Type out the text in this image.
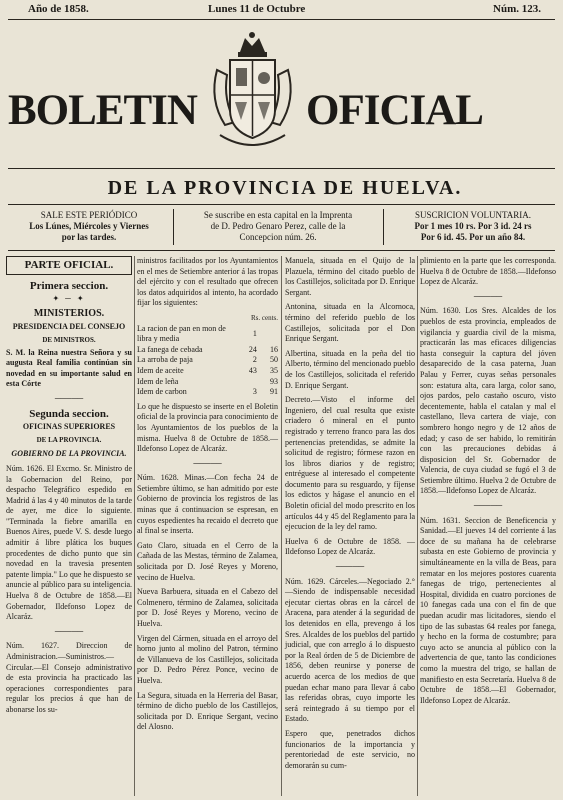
Año de 1858.	Lunes 11 de Octubre	Núm. 123.
BOLETIN	OFICIAL
DE LA PROVINCIA DE HUELVA.
SALE ESTE PERIÓDICO
Los Lúnes, Miércoles y Viernes
por las tardes.
Se suscribe en esta capital en la Imprenta
de D. Pedro Genaro Perez, calle de la
Concepcion núm. 26.
SUSCRICION VOLUNTARIA.
Por 1 mes 10 rs. Por 3 id. 24 rs
Por 6 id. 45. Por un año 84.
PARTE OFICIAL.
Primera seccion.
✦ ─ ✦
MINISTERIOS.
PRESIDENCIA DEL CONSEJO
DE MINISTROS.

S. M. la Reina nuestra Señora y su augusta Real familia continúan sin novedad en su importante salud en esta Córte

─────
Segunda seccion.
OFICINAS SUPERIORES
DE LA PROVINCIA.
GOBIERNO DE LA PROVINCIA.

Núm. 1626. El Excmo. Sr. Ministro de la Gobernacion del Reino, por despacho Telegráfico espedido en Madrid á las 4 y 40 minutos de la tarde de ayer, me dice lo siguiente. "Terminada la fiebre amarilla en Buenos Aires, puede V. S. desde luego admitir á libre plática los buques procedentes de dicho punto que sin novedad en la travesia presenten patente limpia." Lo que he dispuesto se anuncie al público para su inteligencia. Huelva 8 de Octubre de 1858.—El Gobernador, Ildefonso Lopez de Alcaráz.

─────

Núm. 1627. Direccion de Administracion.—Suministros.—Circular.—El Consejo administrativo de esta provincia ha practicado las operaciones correspondientes para regular los precios á que han de abonarse los su-

ministros facilitados por los Ayuntamientos en el mes de Setiembre anterior á las tropas del ejército y con el resultado que ofrecen los datos adquiridos al intento, ha acordado fijar los siguientes:

Rs. cents.
La racion de pan en mon de libra y media	1	
La fanega de cebada	24	16
La arroba de paja	2	50
Idem de aceite	43	35
Idem de leña		93
Idem de carbon	3	91

Lo que he dispuesto se inserte en el Boletin oficial de la provincia para conocimiento de los Ayuntamientos de los pueblos de la misma. Huelva 8 de Octubre de 1858.—Ildefonso Lopez de Alcaráz.

─────

Núm. 1628. Minas.—Con fecha 24 de Setiembre último, se han admitido por este Gobierno de provincia los registros de las minas que á continuacion se espresan, en cuyos espedientes ha recaido el decreto que al final se inserta.

Gato Claro, situada en el Cerro de la Cañada de las Mestas, término de Zalamea, solicitada por D. José Reyes y Moreno, vecino de Huelva.

Nueva Barbuera, situada en el Cabezo del Colmenero, término de Zalamea, solicitada por D. José Reyes y Moreno, vecino de Huelva.

Virgen del Cármen, situada en el arroyo del horno junto al molino del Patron, término de Villanueva de los Castillejos, solicitada por D. Pedro Pérez Ponce, vecino de Huelva.

La Segura, situada en la Herreria del Basar, término de dicho pueblo de los Castillejos, solicitada por D. Enrique Sergant, vecino del Alosno.

Manuela, situada en el Quijo de la Plazuela, término del citado pueblo de los Castillejos, solicitada por D. Enrique Sergant.

Antonina, situada en la Alcornoca, término del referido pueblo de los Castillejos, solicitada por el Don Enrique Sergant.

Albertina, situada en la peña del tio Alberto, término del mencionado pueblo de los Castillejos, solicitada el referido D. Enrique Sergant.

Decreto.—Visto el informe del Ingeniero, del cual resulta que existe criadero ó mineral en el punto registrado y terreno franco para las dos pertenencias pretendidas, se admite la solicitud de registro; fórmese razon en los libros diarios y de registro; entréguese al interesado el competente documento para su resguardo, y fíjense los edictos y hágase el anuncio en el Boletin oficial del modo prescrito en los artículos 44 y 45 del Reglamento para la ejecucion de la ley del ramo.

Huelva 6 de Octubre de 1858. —Ildefonso Lopez de Alcaráz.

─────

Núm. 1629. Cárceles.—Negociado 2.°—Siendo de indispensable necesidad ejecutar ciertas obras en la cárcel de Aracena, para atender á la seguridad de los detenidos en ella, prevengo á los Sres. Alcaldes de los pueblos del partido judicial, que con arreglo á lo dispuesto por la Real órden de 5 de Diciembre de 1856, deben reunirse y ponerse de acuerdo acerca de los medios de que puedan echar mano para llevar á cabo las referidas obras, cuyo importe les será reintegrado á su tiempo por el Estado.

Espero que, penetrados dichos funcionarios de la importancia y perentoriedad de este servicio, no demorarán su cum-

plimiento en la parte que les corresponda. Huelva 8 de Octubre de 1858.—Ildefonso Lopez de Alcaráz.

─────

Núm. 1630. Los Sres. Alcaldes de los pueblos de esta provincia, empleados de vigilancia y guardia civil de la misma, practicarán las mas eficaces diligencias hasta conseguir la captura del jóven desaparecido de la casa paterna, Juan Palau y Ferrer, cuyas señas personales son: estatura alta, cara larga, color sano, ojos pardos, pelo castaño oscuro, visto decentemente, habla el catalan y mal el castellano, lleva cartera de viaje, con sombrero hongo negro y de 12 años de edad; y caso de ser habido, lo remitirán con las precauciones debidas á disposicion del Sr. Gobernador de Valencia, de cuya ciudad se fugó el 3 de Setiembre último. Huelva 2 de Octubre de 1858.—Ildefonso Lopez de Alcaráz.

─────

Núm. 1631. Seccion de Beneficencia y Sanidad.—El jueves 14 del corriente á las doce de su mañana ha de celebrarse subasta en este Gobierno de provincia y simultáneamente en la villa de Beas, para rematar en los mejores postores cuarenta fanegas de trigo, pertenecientes al Hospital, dividida en cuatro porciones de 10 fanegas cada una con el fin de que puedan acudir mas licitadores, siendo el tipo de las subastas 64 reales por fanega, y hecho en la forma de costumbre; para cuyo acto se anuncia al público con la advertencia de que, tanto las condiciones como la muestra del trigo, se hallan de manifiesto en esta Secretaría. Huelva 8 de Octubre de 1858.—El Gobernador, Ildefonso Lopez de Alcaráz.
